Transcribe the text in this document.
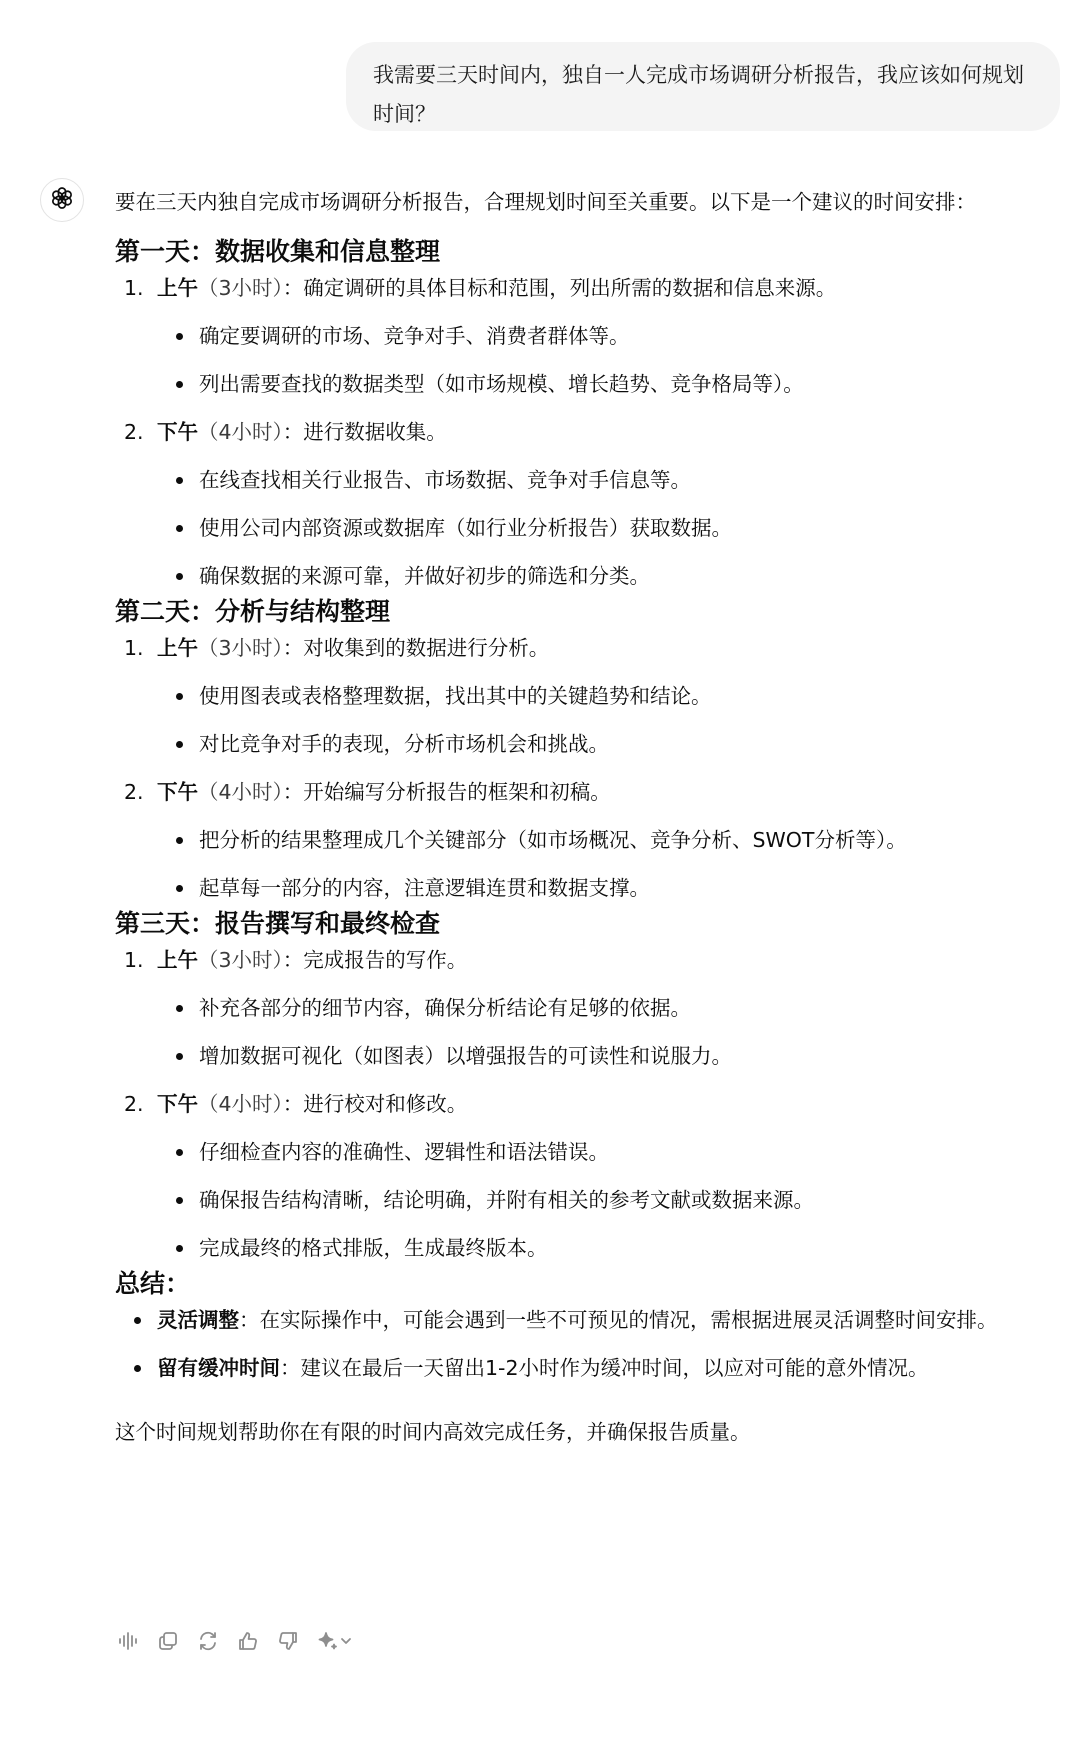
我需要三天时间内，独自一人完成市场调研分析报告，我应该如何规划时间？

要在三天内独自完成市场调研分析报告，合理规划时间至关重要。以下是一个建议的时间安排：

第一天：数据收集和信息整理
1. 上午（3小时）：确定调研的具体目标和范围，列出所需的数据和信息来源。
确定要调研的市场、竞争对手、消费者群体等。
列出需要查找的数据类型（如市场规模、增长趋势、竞争格局等）。
2. 下午（4小时）：进行数据收集。
在线查找相关行业报告、市场数据、竞争对手信息等。
使用公司内部资源或数据库（如行业分析报告）获取数据。
确保数据的来源可靠，并做好初步的筛选和分类。
第二天：分析与结构整理
1. 上午（3小时）：对收集到的数据进行分析。
使用图表或表格整理数据，找出其中的关键趋势和结论。
对比竞争对手的表现，分析市场机会和挑战。
2. 下午（4小时）：开始编写分析报告的框架和初稿。
把分析的结果整理成几个关键部分（如市场概况、竞争分析、SWOT分析等）。
起草每一部分的内容，注意逻辑连贯和数据支撑。
第三天：报告撰写和最终检查
1. 上午（3小时）：完成报告的写作。
补充各部分的细节内容，确保分析结论有足够的依据。
增加数据可视化（如图表）以增强报告的可读性和说服力。
2. 下午（4小时）：进行校对和修改。
仔细检查内容的准确性、逻辑性和语法错误。
确保报告结构清晰，结论明确，并附有相关的参考文献或数据来源。
完成最终的格式排版，生成最终版本。
总结：
灵活调整：在实际操作中，可能会遇到一些不可预见的情况，需根据进展灵活调整时间安排。
留有缓冲时间：建议在最后一天留出1-2小时作为缓冲时间，以应对可能的意外情况。

这个时间规划帮助你在有限的时间内高效完成任务，并确保报告质量。
